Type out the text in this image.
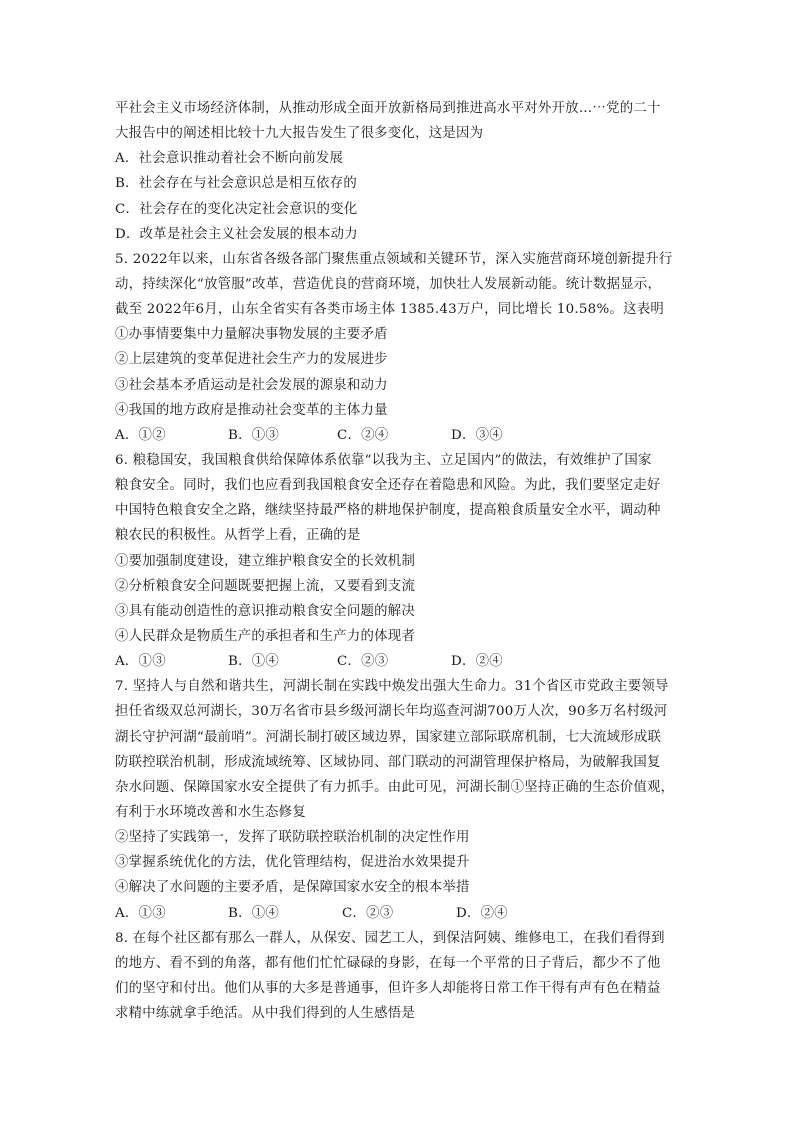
平社会主义市场经济体制，从推动形成全面开放新格局到推进高水平对外开放…⋯党的二十
大报告中的阐述相比较十九大报告发生了很多变化，这是因为
A．社会意识推动着社会不断向前发展
B．社会存在与社会意识总是相互依存的
C．社会存在的变化决定社会意识的变化
D．改革是社会主义社会发展的根本动力
5. 2022年以来，山东省各级各部门聚焦重点领域和关键环节，深入实施营商环境创新提升行
动，持续深化“放管服”改革，营造优良的营商环境，加快壮人发展新动能。统计数据显示，
截至 2022年6月，山东全省实有各类市场主体 1385.43万户，同比增长 10.58%。这表明
①办事情要集中力量解决事物发展的主要矛盾
②上层建筑的变革促进社会生产力的发展进步
③社会基本矛盾运动是社会发展的源泉和动力
④我国的地方政府是推动社会变革的主体力量
A．①②	B．①③	C．②④	D．③④
6. 粮稳国安，我国粮食供给保障体系依靠“以我为主、立足国内”的做法，有效维护了国家
粮食安全。同时，我们也应看到我国粮食安全还存在着隐患和风险。为此，我们要坚定走好
中国特色粮食安全之路，继续坚持最严格的耕地保护制度，提高粮食质量安全水平，调动种
粮农民的积极性。从哲学上看，正确的是
①要加强制度建设，建立维护粮食安全的长效机制
②分析粮食安全问题既要把握上流，又要看到支流
③具有能动创造性的意识推动粮食安全问题的解决
④人民群众是物质生产的承担者和生产力的体现者
A．①③	B．①④	C．②③	D．②④
7. 坚持人与自然和谐共生，河湖长制在实践中焕发出强大生命力。31个省区市党政主要领导
担任省级双总河湖长，30万名省市县乡级河湖长年均巡查河湖700万人次，90多万名村级河
湖长守护河湖“最前哨”。河湖长制打破区域边界，国家建立部际联席机制，七大流域形成联
防联控联治机制，形成流域统筹、区域协同、部门联动的河湖管理保护格局，为破解我国复
杂水问题、保障国家水安全提供了有力抓手。由此可见，河湖长制①坚持正确的生态价值观，
有利于水环境改善和水生态修复
②坚持了实践第一，发挥了联防联控联治机制的决定性作用
③掌握系统优化的方法，优化管理结构，促进治水效果提升
④解决了水问题的主要矛盾，是保障国家水安全的根本举措
A．①③	B．①④	C．②③	D．②④
8. 在每个社区都有那么一群人，从保安、园艺工人，到保洁阿姨、维修电工，在我们看得到
的地方、看不到的角落，都有他们忙忙碌碌的身影，在每一个平常的日子背后，都少不了他
们的坚守和付出。他们从事的大多是普通事，但许多人却能将日常工作干得有声有色在精益
求精中练就拿手绝活。从中我们得到的人生感悟是
